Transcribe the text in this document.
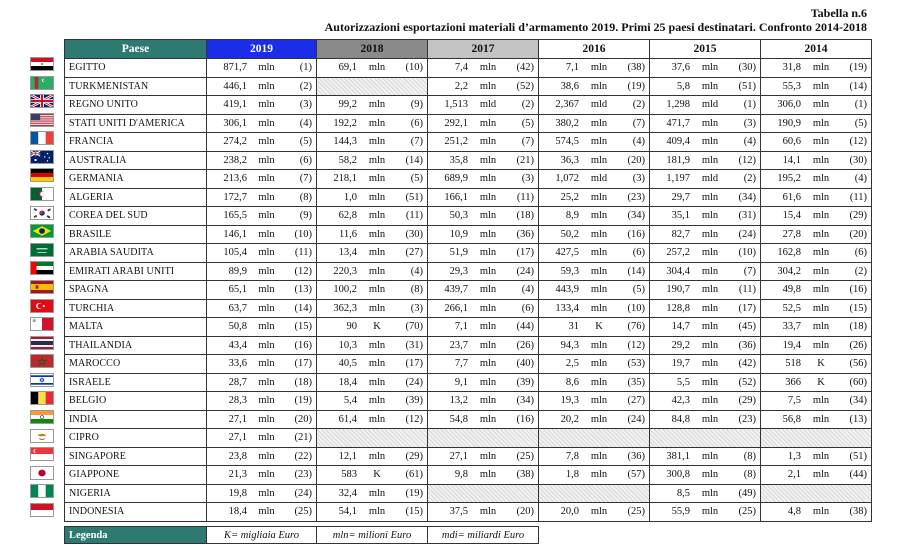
Tabella n.6
Autorizzazioni esportazioni materiali d’armamento 2019. Primi 25 paesi destinatari. Confronto 2014-2018
Paese	2019	2018	2017	2016	2015	2014
EGITTO	871,7 mln (1)	69,1 mln (10)	7,4 mln (42)	7,1 mln (38)	37,6 mln (30)	31,8 mln (19)

TURKMENISTAN	446,1 mln (2)		2,2 mln (52)	38,6 mln (19)	5,8 mln (51)	55,3 mln (14)

REGNO UNITO	419,1 mln (3)	99,2 mln (9)	1,513 mld (2)	2,367 mld (2)	1,298 mld (1)	306,0 mln (1)

STATI UNITI D'AMERICA	306,1 mln (4)	192,2 mln (6)	292,1 mln (5)	380,2 mln (7)	471,7 mln (3)	190,9 mln (5)

FRANCIA	274,2 mln (5)	144,3 mln (7)	251,2 mln (7)	574,5 mln (4)	409,4 mln (4)	60,6 mln (12)

AUSTRALIA	238,2 mln (6)	58,2 mln (14)	35,8 mln (21)	36,3 mln (20)	181,9 mln (12)	14,1 mln (30)

GERMANIA	213,6 mln (7)	218,1 mln (5)	689,9 mln (3)	1,072 mld (3)	1,197 mld (2)	195,2 mln (4)

ALGERIA	172,7 mln (8)	1,0 mln (51)	166,1 mln (11)	25,2 mln (23)	29,7 mln (34)	61,6 mln (11)

COREA DEL SUD	165,5 mln (9)	62,8 mln (11)	50,3 mln (18)	8,9 mln (34)	35,1 mln (31)	15,4 mln (29)

BRASILE	146,1 mln (10)	11,6 mln (30)	10,9 mln (36)	50,2 mln (16)	82,7 mln (24)	27,8 mln (20)

ARABIA SAUDITA	105,4 mln (11)	13,4 mln (27)	51,9 mln (17)	427,5 mln (6)	257,2 mln (10)	162,8 mln (6)

EMIRATI ARABI UNITI	89,9 mln (12)	220,3 mln (4)	29,3 mln (24)	59,3 mln (14)	304,4 mln (7)	304,2 mln (2)

SPAGNA	65,1 mln (13)	100,2 mln (8)	439,7 mln (4)	443,9 mln (5)	190,7 mln (11)	49,8 mln (16)

TURCHIA	63,7 mln (14)	362,3 mln (3)	266,1 mln (6)	133,4 mln (10)	128,8 mln (17)	52,5 mln (15)

MALTA	50,8 mln (15)	90 K (70)	7,1 mln (44)	31 K (76)	14,7 mln (45)	33,7 mln (18)

THAILANDIA	43,4 mln (16)	10,3 mln (31)	23,7 mln (26)	94,3 mln (12)	29,2 mln (36)	19,4 mln (26)

MAROCCO	33,6 mln (17)	40,5 mln (17)	7,7 mln (40)	2,5 mln (53)	19,7 mln (42)	518 K (56)

ISRAELE	28,7 mln (18)	18,4 mln (24)	9,1 mln (39)	8,6 mln (35)	5,5 mln (52)	366 K (60)

BELGIO	28,3 mln (19)	5,4 mln (39)	13,2 mln (34)	19,3 mln (27)	42,3 mln (29)	7,5 mln (34)

INDIA	27,1 mln (20)	61,4 mln (12)	54,8 mln (16)	20,2 mln (24)	84,8 mln (23)	56,8 mln (13)

CIPRO	27,1 mln (21)					

SINGAPORE	23,8 mln (22)	12,1 mln (29)	27,1 mln (25)	7,8 mln (36)	381,1 mln (8)	1,3 mln (51)

GIAPPONE	21,3 mln (23)	583 K (61)	9,8 mln (38)	1,8 mln (57)	300,8 mln (8)	2,1 mln (44)

NIGERIA	19,8 mln (24)	32,4 mln (19)			8,5 mln (49)	

INDONESIA	18,4 mln (25)	54,1 mln (15)	37,5 mln (20)	20,0 mln (25)	55,9 mln (25)	4,8 mln (38)
Legenda	K= migliaia Euro	mln= milioni Euro	mdi= miliardi Euro
